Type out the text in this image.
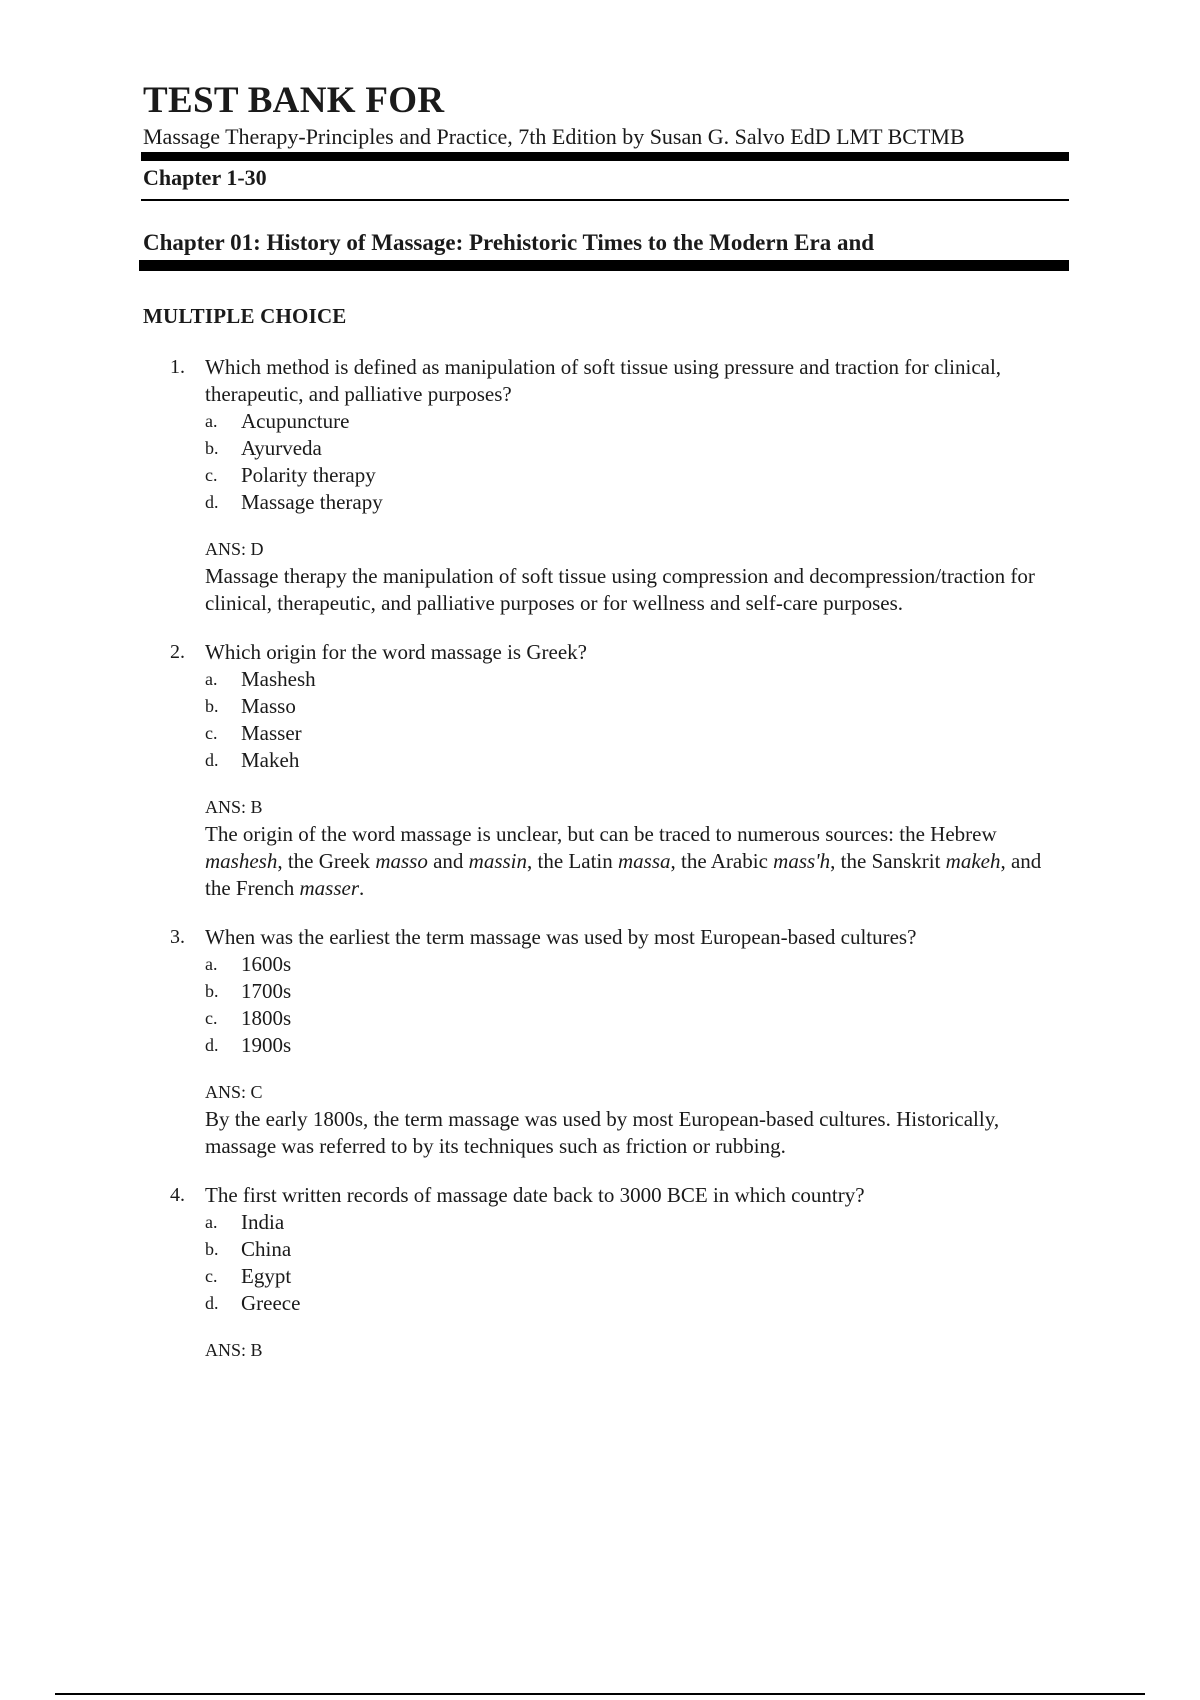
TEST BANK FOR
Massage Therapy-Principles and Practice, 7th Edition by Susan G. Salvo EdD LMT BCTMB
Chapter 1-30
Chapter 01: History of Massage: Prehistoric Times to the Modern Era and
MULTIPLE CHOICE
1. Which method is defined as manipulation of soft tissue using pressure and traction for clinical, therapeutic, and palliative purposes?
a. Acupuncture
b. Ayurveda
c. Polarity therapy
d. Massage therapy
ANS: D
Massage therapy the manipulation of soft tissue using compression and decompression/traction for clinical, therapeutic, and palliative purposes or for wellness and self-care purposes.
2. Which origin for the word massage is Greek?
a. Mashesh
b. Masso
c. Masser
d. Makeh
ANS: B
The origin of the word massage is unclear, but can be traced to numerous sources: the Hebrew mashesh, the Greek masso and massin, the Latin massa, the Arabic mass'h, the Sanskrit makeh, and the French masser.
3. When was the earliest the term massage was used by most European-based cultures?
a. 1600s
b. 1700s
c. 1800s
d. 1900s
ANS: C
By the early 1800s, the term massage was used by most European-based cultures. Historically, massage was referred to by its techniques such as friction or rubbing.
4. The first written records of massage date back to 3000 BCE in which country?
a. India
b. China
c. Egypt
d. Greece
ANS: B
